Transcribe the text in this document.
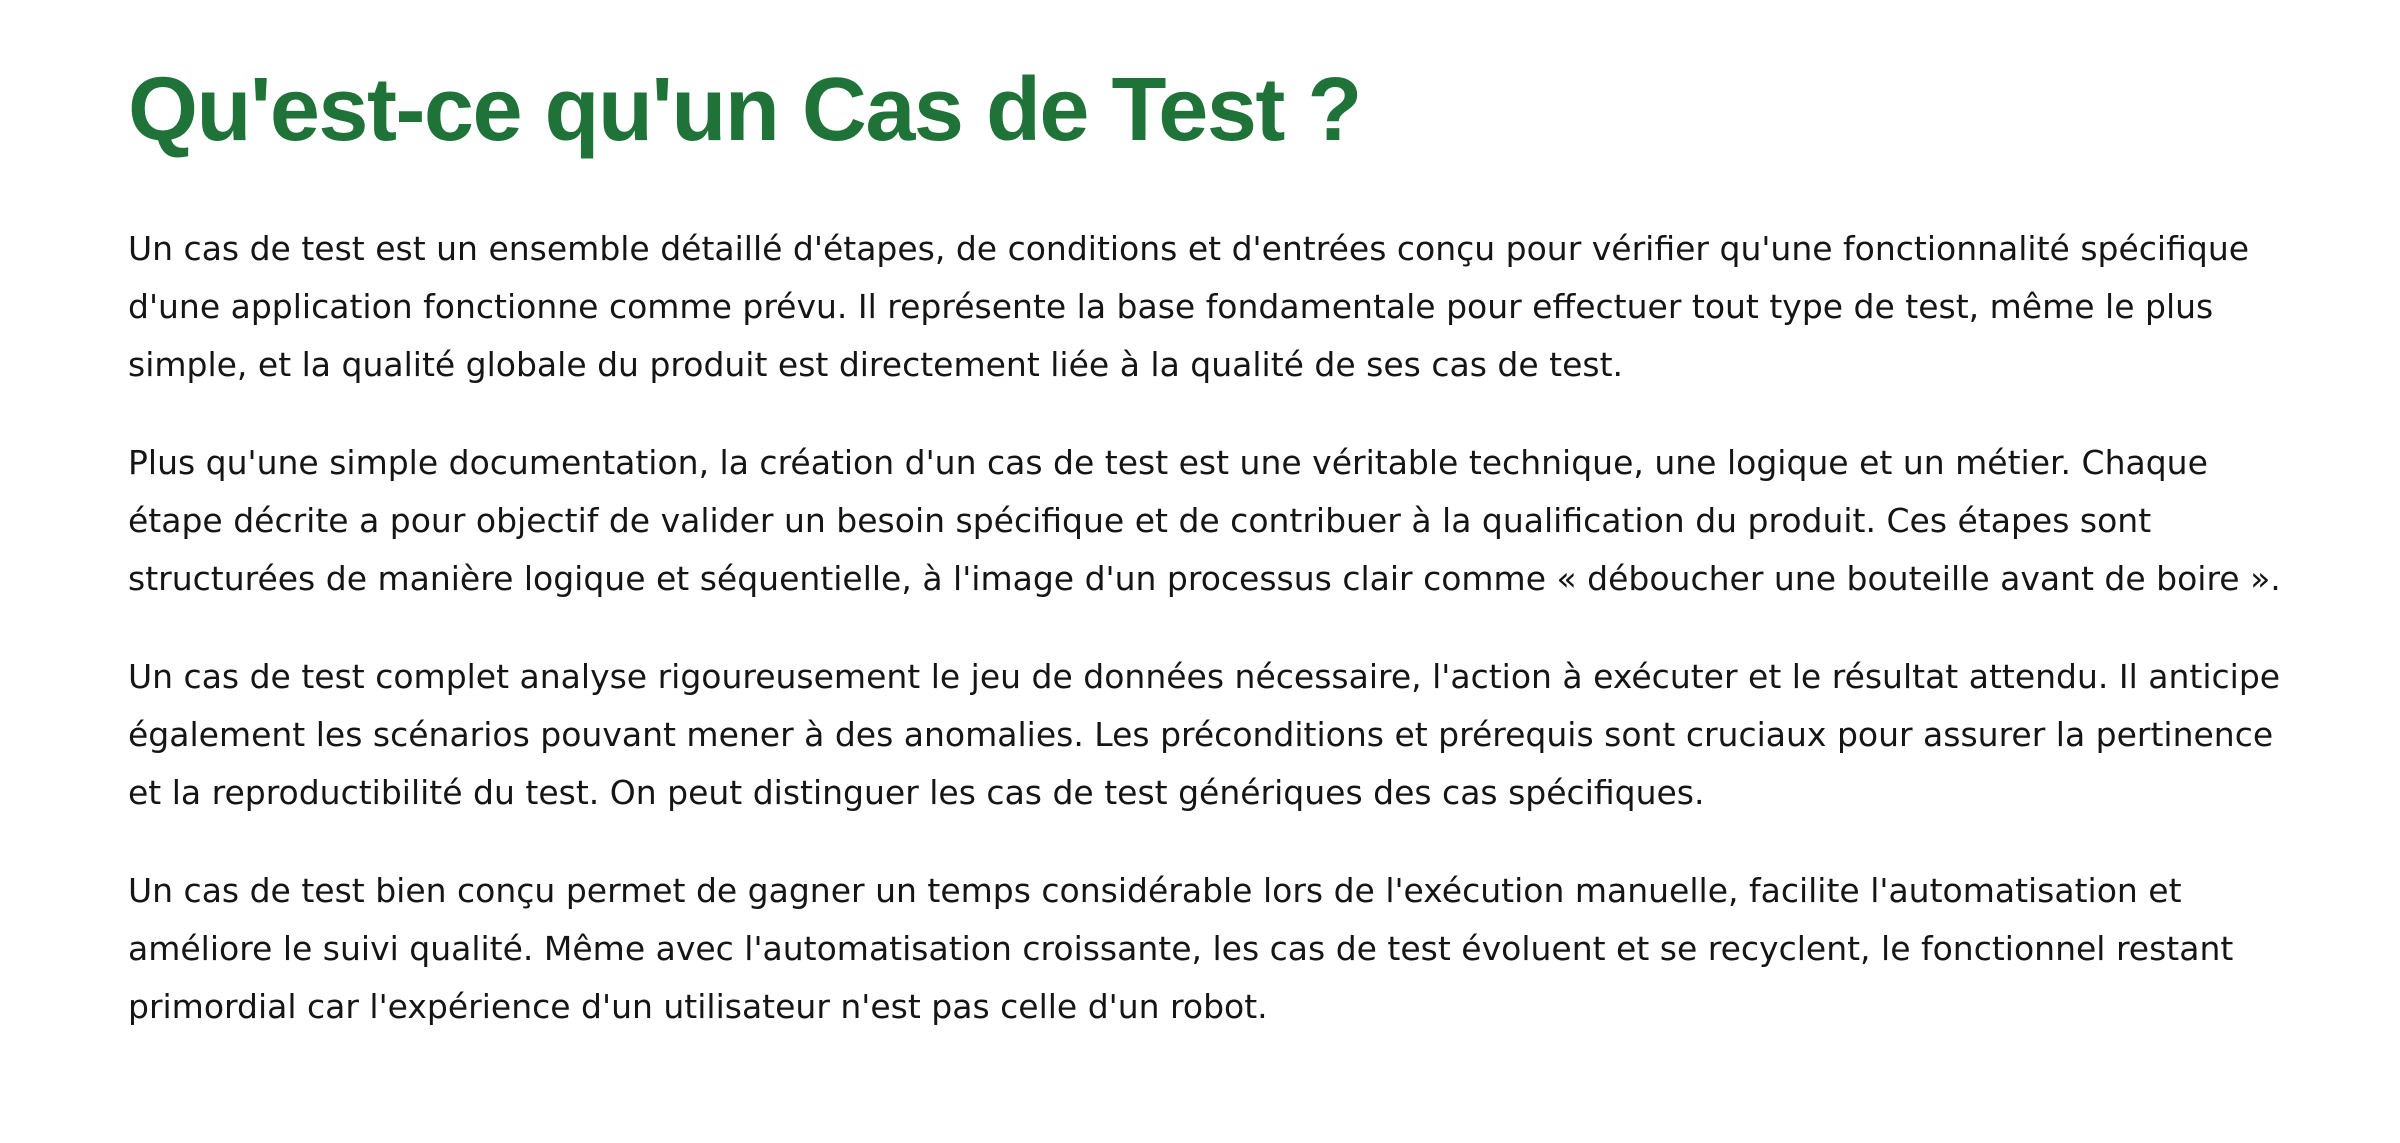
Qu'est-ce qu'un Cas de Test ?

Un cas de test est un ensemble détaillé d'étapes, de conditions et d'entrées conçu pour vérifier qu'une fonctionnalité spécifique d'une application fonctionne comme prévu. Il représente la base fondamentale pour effectuer tout type de test, même le plus simple, et la qualité globale du produit est directement liée à la qualité de ses cas de test.

Plus qu'une simple documentation, la création d'un cas de test est une véritable technique, une logique et un métier. Chaque étape décrite a pour objectif de valider un besoin spécifique et de contribuer à la qualification du produit. Ces étapes sont structurées de manière logique et séquentielle, à l'image d'un processus clair comme « déboucher une bouteille avant de boire ».

Un cas de test complet analyse rigoureusement le jeu de données nécessaire, l'action à exécuter et le résultat attendu. Il anticipe également les scénarios pouvant mener à des anomalies. Les préconditions et prérequis sont cruciaux pour assurer la pertinence et la reproductibilité du test. On peut distinguer les cas de test génériques des cas spécifiques.

Un cas de test bien conçu permet de gagner un temps considérable lors de l'exécution manuelle, facilite l'automatisation et améliore le suivi qualité. Même avec l'automatisation croissante, les cas de test évoluent et se recyclent, le fonctionnel restant primordial car l'expérience d'un utilisateur n'est pas celle d'un robot.
